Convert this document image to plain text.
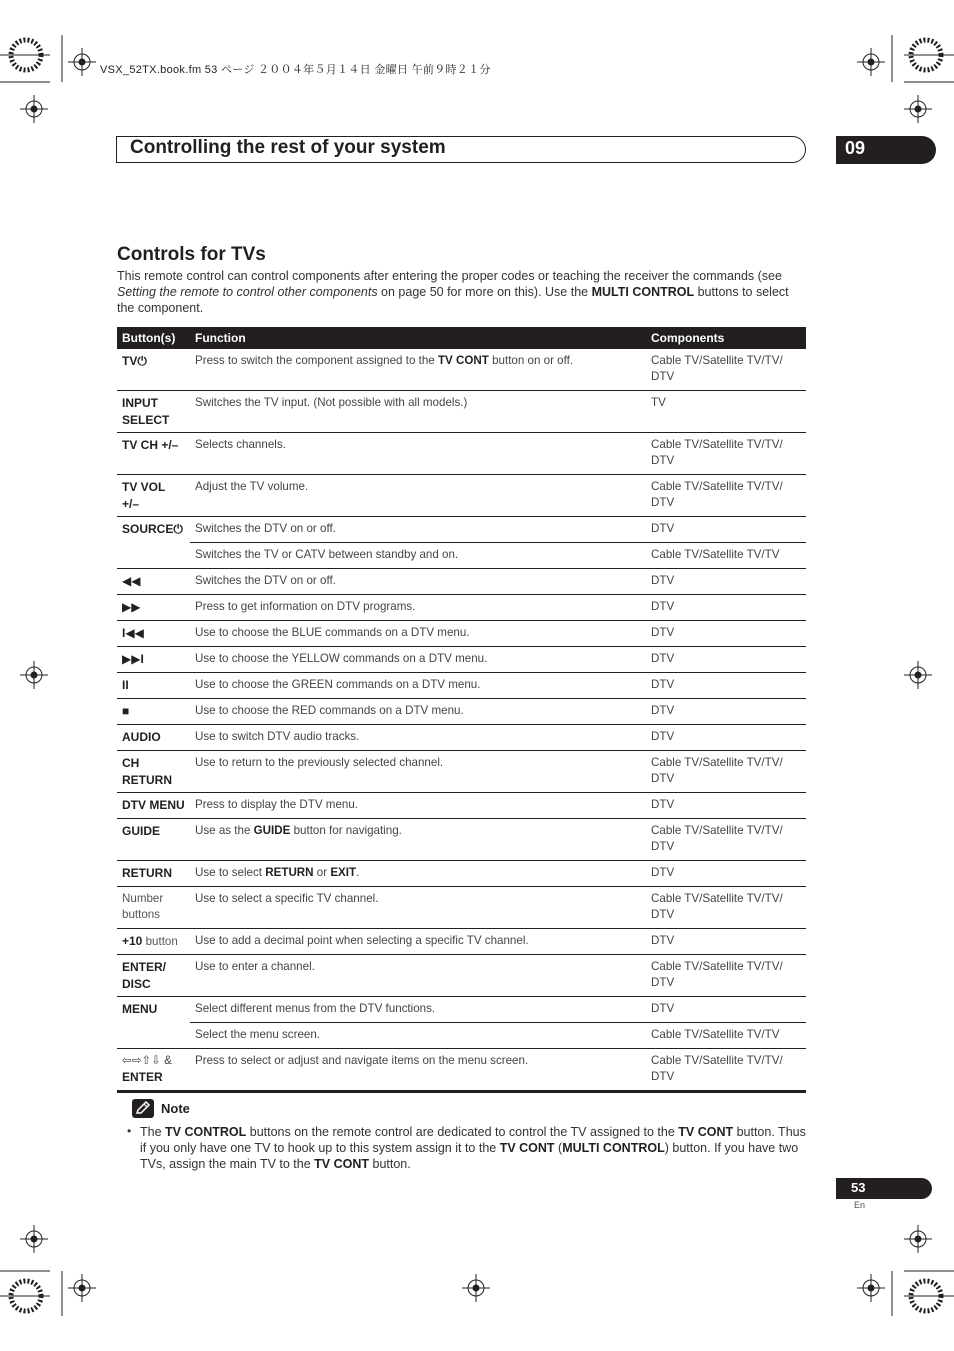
VSX_52TX.book.fm 53 ページ ２００４年５月１４日 金曜日 午前９時２１分
Controlling the rest of your system	09
Controls for TVs
This remote control can control components after entering the proper codes or teaching the receiver the commands (see Setting the remote to control other components on page 50 for more on this). Use the MULTI CONTROL buttons to select the component.
Button(s)	Function	Components
TV⏻	Press to switch the component assigned to the TV CONT button on or off.	Cable TV/Satellite TV/TV/ DTV
INPUT SELECT	Switches the TV input. (Not possible with all models.)	TV
TV CH +/–	Selects channels.	Cable TV/Satellite TV/TV/ DTV
TV VOL +/–	Adjust the TV volume.	Cable TV/Satellite TV/TV/ DTV
SOURCE⏻	Switches the DTV on or off.	DTV
	Switches the TV or CATV between standby and on.	Cable TV/Satellite TV/TV
◀◀	Switches the DTV on or off.	DTV
▶▶	Press to get information on DTV programs.	DTV
I◀◀	Use to choose the BLUE commands on a DTV menu.	DTV
▶▶I	Use to choose the YELLOW commands on a DTV menu.	DTV
II	Use to choose the GREEN commands on a DTV menu.	DTV
■	Use to choose the RED commands on a DTV menu.	DTV
AUDIO	Use to switch DTV audio tracks.	DTV
CH RETURN	Use to return to the previously selected channel.	Cable TV/Satellite TV/TV/ DTV
DTV MENU	Press to display the DTV menu.	DTV
GUIDE	Use as the GUIDE button for navigating.	Cable TV/Satellite TV/TV/ DTV
RETURN	Use to select RETURN or EXIT.	DTV
Number buttons	Use to select a specific TV channel.	Cable TV/Satellite TV/TV/ DTV
+10 button	Use to add a decimal point when selecting a specific TV channel.	DTV
ENTER/ DISC	Use to enter a channel.	Cable TV/Satellite TV/TV/ DTV
MENU	Select different menus from the DTV functions.	DTV
	Select the menu screen.	Cable TV/Satellite TV/TV
⇦⇨⇧⇩ & ENTER	Press to select or adjust and navigate items on the menu screen.	Cable TV/Satellite TV/TV/ DTV
Note
• The TV CONTROL buttons on the remote control are dedicated to control the TV assigned to the TV CONT button. Thus if you only have one TV to hook up to this system assign it to the TV CONT (MULTI CONTROL) button. If you have two TVs, assign the main TV to the TV CONT button.
53
En
